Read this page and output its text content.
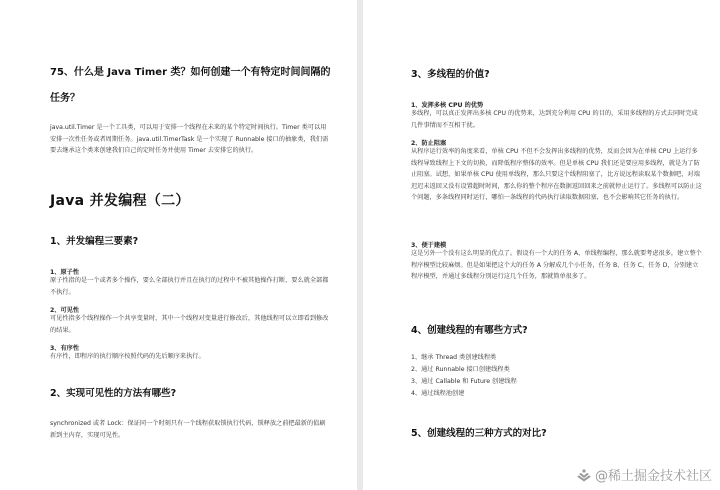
75、什么是 Java Timer 类？如何创建一个有特定时间间隔的
任务？
java.util.Timer 是一个工具类，可以用于安排一个线程在未来的某个特定时间执行。Timer 类可以用安排一次性任务或者周期任务。java.util.TimerTask 是一个实现了 Runnable 接口的抽象类，我们需要去继承这个类来创建我们自己的定时任务并使用 Timer 去安排它的执行。
Java 并发编程（二）
1、并发编程三要素?
1、原子性
原子性指的是一个或者多个操作，要么全部执行并且在执行的过程中不被其他操作打断，要么就全部都不执行。
2、可见性
可见性指多个线程操作一个共享变量时，其中一个线程对变量进行修改后，其他线程可以立即看到修改的结果。
3、有序性
有序性，即程序的执行顺序按照代码的先后顺序来执行。
2、实现可见性的方法有哪些?
synchronized 或者 Lock：保证同一个时刻只有一个线程获取锁执行代码，锁释放之前把最新的值刷新到主内存，实现可见性。
3、多线程的价值?
1、发挥多核 CPU 的优势
多线程，可以真正发挥出多核 CPU 的优势来，达到充分利用 CPU 的目的，采用多线程的方式去同时完成几件事情而不互相干扰。
2、防止阻塞
从程序运行效率的角度来看，单核 CPU 不但不会发挥出多线程的优势，反而会因为在单核 CPU 上运行多线程导致线程上下文的切换，而降低程序整体的效率。但是单核 CPU 我们还是要应用多线程，就是为了防止阻塞。试想，如果单核 CPU 使用单线程，那么只要这个线程阻塞了，比方说远程读取某个数据吧，对端迟迟未返回又没有设置超时时间，那么你的整个程序在数据返回回来之前就停止运行了。多线程可以防止这个问题，多条线程同时运行，哪怕一条线程的代码执行读取数据阻塞，也不会影响其它任务的执行。
3、便于建模
这是另外一个没有这么明显的优点了。假设有一个大的任务 A，单线程编程，那么就要考虑很多，建立整个程序模型比较麻烦。但是如果把这个大的任务 A 分解成几个小任务，任务 B、任务 C、任务 D，分别建立程序模型，并通过多线程分别运行这几个任务，那就简单很多了。
4、创建线程的有哪些方式?
1、继承 Thread 类创建线程类
2、通过 Runnable 接口创建线程类
3、通过 Callable 和 Future 创建线程
4、通过线程池创建
5、创建线程的三种方式的对比?
@稀土掘金技术社区
